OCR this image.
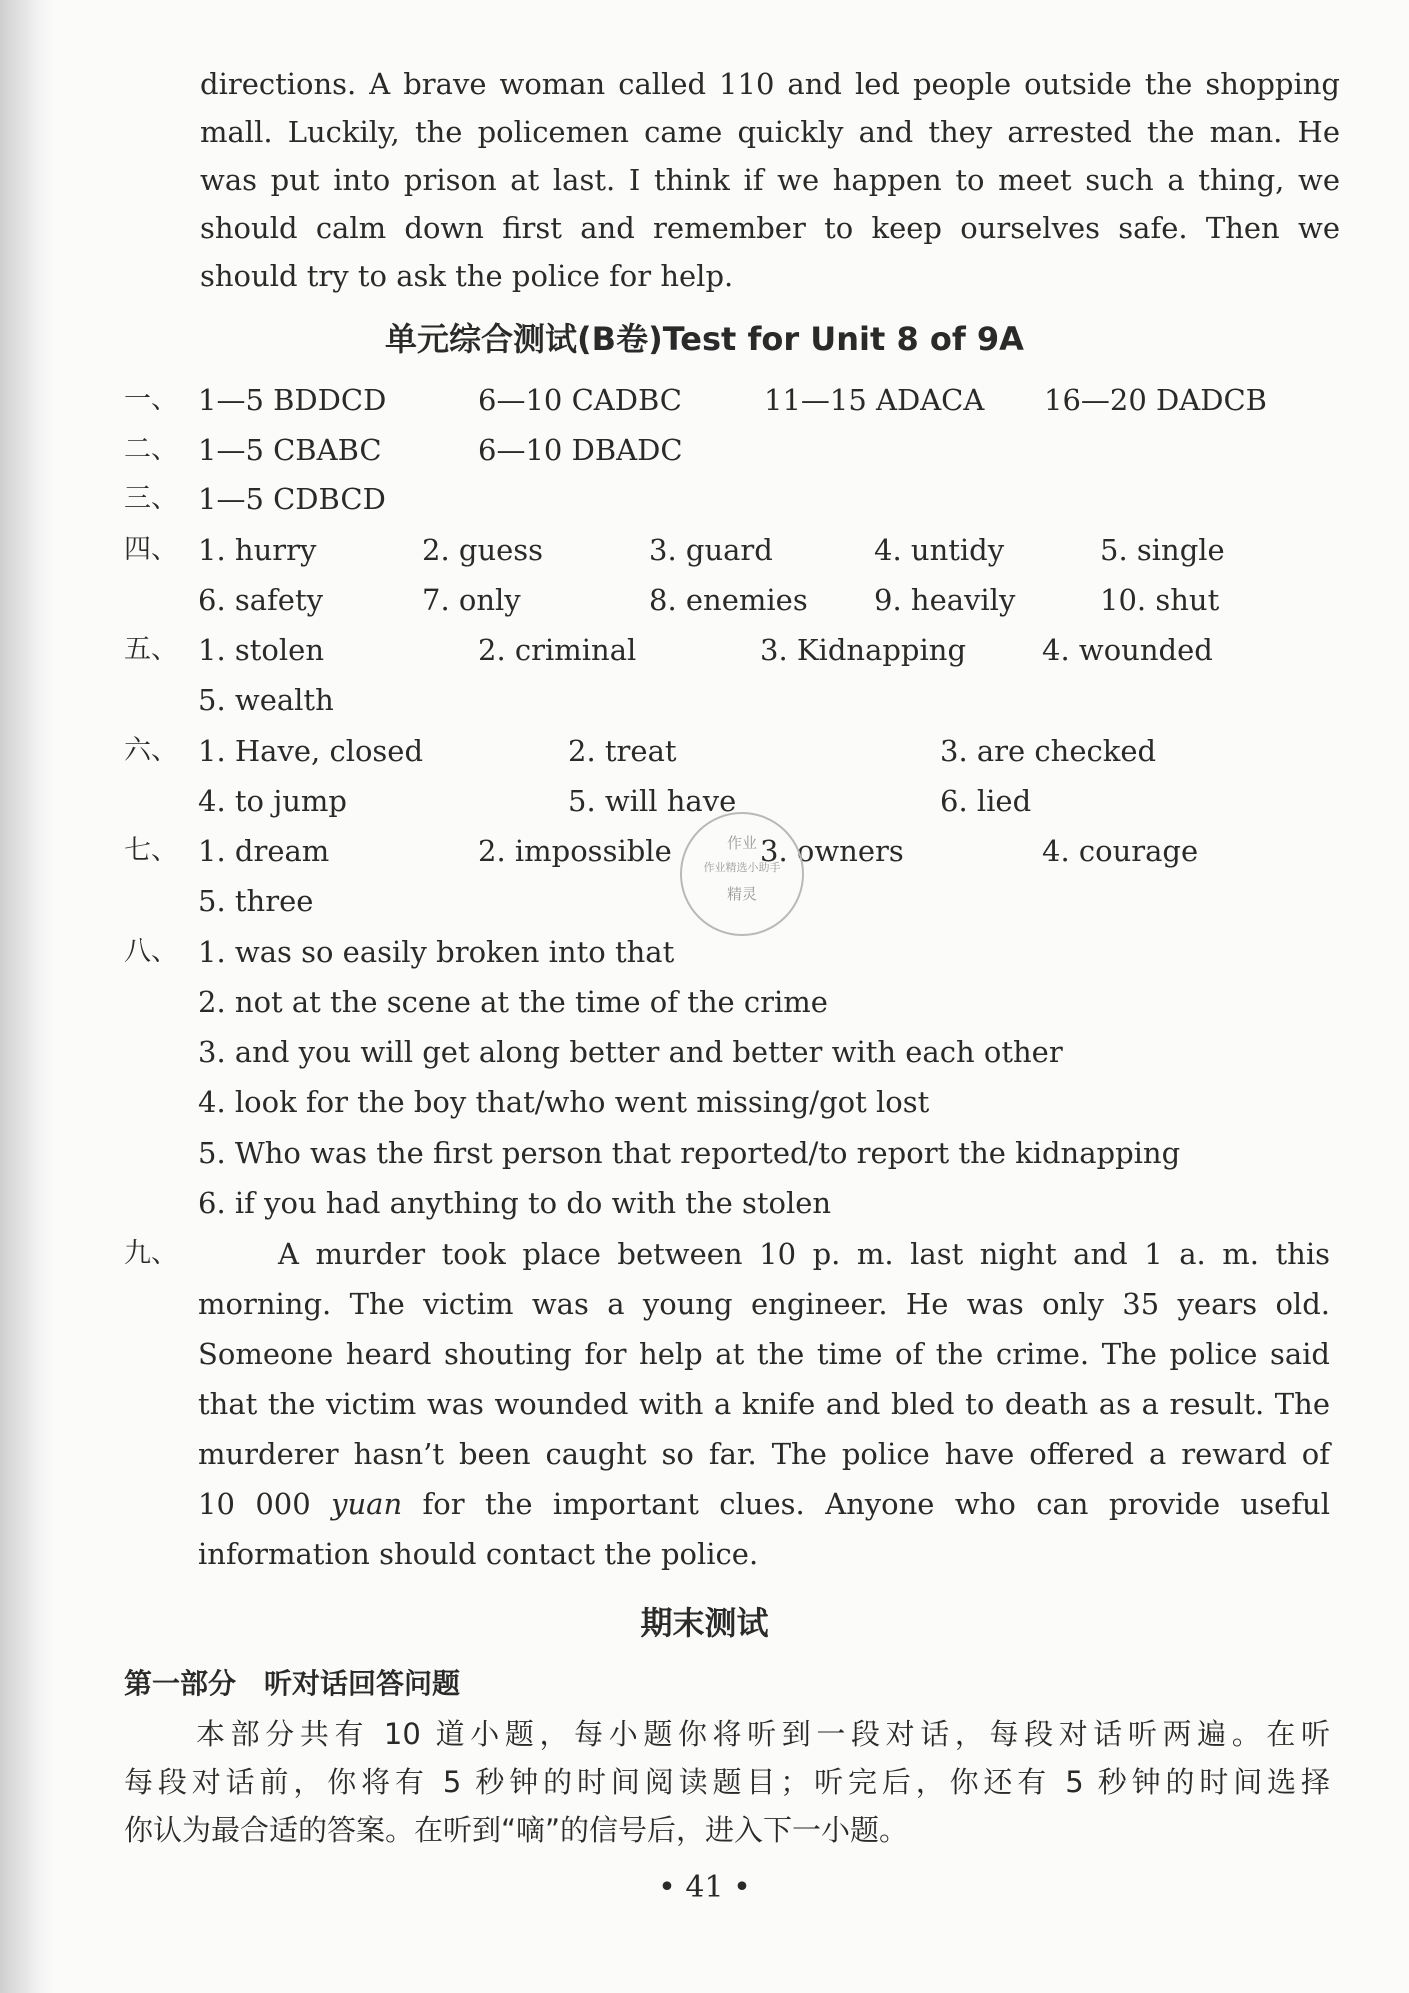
directions. A brave woman called 110 and led people outside the shopping
mall. Luckily, the policemen came quickly and they arrested the man. He
was put into prison at last. I think if we happen to meet such a thing, we
should calm down first and remember to keep ourselves safe. Then we
should try to ask the police for help.
单元综合测试(B卷)Test for Unit 8 of 9A
一、 1—5 BDDCD	6—10 CADBC	11—15 ADACA 16—20 DADCB
二、 1—5 CBABC	6—10 DBADC
三、 1—5 CDBCD
四、 1. hurry	2. guess	3. guard	4. untidy	5. single
6. safety	7. only	8. enemies 9. heavily	10. shut
五、 1. stolen	2. criminal	3. Kidnapping	4. wounded
5. wealth
六、 1. Have, closed	2. treat	3. are checked
4. to jump	5. will have	6. lied
七、 1. dream	2. impossible	3. owners	4. courage
5. three
八、 1. was so easily broken into that
2. not at the scene at the time of the crime
3. and you will get along better and better with each other
4. look for the boy that/who went missing/got lost
5. Who was the first person that reported/to report the kidnapping
6. if you had anything to do with the stolen
九、	A murder took place between 10 p. m. last night and 1 a. m. this
morning. The victim was a young engineer. He was only 35 years old.
Someone heard shouting for help at the time of the crime. The police said
that the victim was wounded with a knife and bled to death as a result. The
murderer hasn’t been caught so far. The police have offered a reward of
10 000 yuan for the important clues. Anyone who can provide useful
information should contact the police.
期末测试
第一部分　听对话回答问题
本部分共有 10 道小题，每小题你将听到一段对话，每段对话听两遍。在听
每段对话前，你将有 5 秒钟的时间阅读题目；听完后，你还有 5 秒钟的时间选择
你认为最合适的答案。在听到“嘀”的信号后，进入下一小题。
• 41 •
作业
作业精选小助手
精灵
